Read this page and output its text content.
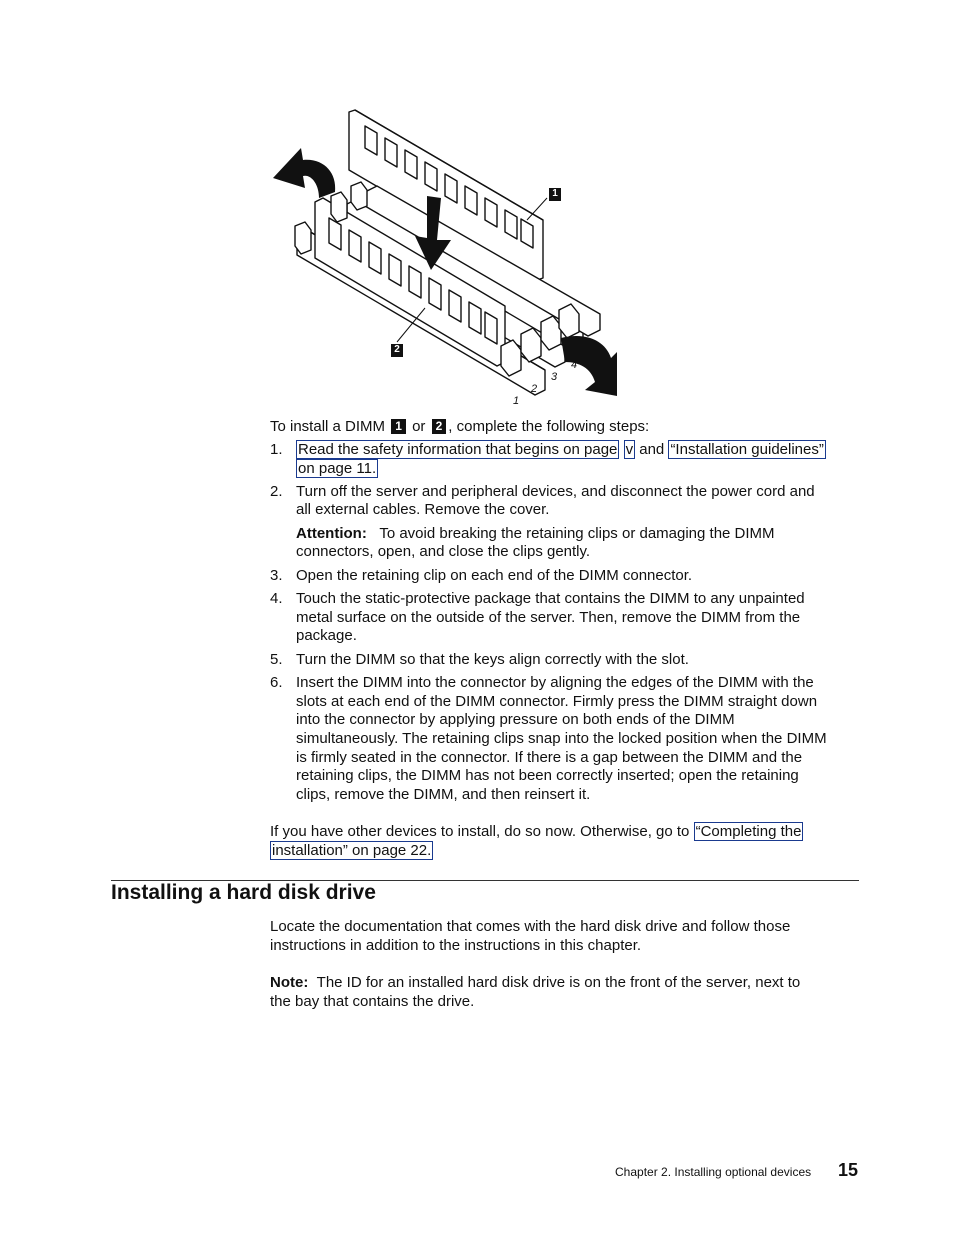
1
2
3
4
1
2
To install a DIMM 1 or 2 , complete the following steps:
1. Read the safety information that begins on page v and “Installation guidelines”
on page 11.
2. Turn off the server and peripheral devices, and disconnect the power cord and
all external cables. Remove the cover.
Attention: To avoid breaking the retaining clips or damaging the DIMM
connectors, open, and close the clips gently.
3. Open the retaining clip on each end of the DIMM connector.
4. Touch the static-protective package that contains the DIMM to any unpainted
metal surface on the outside of the server. Then, remove the DIMM from the
package.
5. Turn the DIMM so that the keys align correctly with the slot.
6. Insert the DIMM into the connector by aligning the edges of the DIMM with the
slots at each end of the DIMM connector. Firmly press the DIMM straight down
into the connector by applying pressure on both ends of the DIMM
simultaneously. The retaining clips snap into the locked position when the DIMM
is firmly seated in the connector. If there is a gap between the DIMM and the
retaining clips, the DIMM has not been correctly inserted; open the retaining
clips, remove the DIMM, and then reinsert it.
If you have other devices to install, do so now. Otherwise, go to “Completing the
installation” on page 22.
Installing a hard disk drive
Locate the documentation that comes with the hard disk drive and follow those
instructions in addition to the instructions in this chapter.
Note: The ID for an installed hard disk drive is on the front of the server, next to
the bay that contains the drive.
Chapter 2. Installing optional devices 15
